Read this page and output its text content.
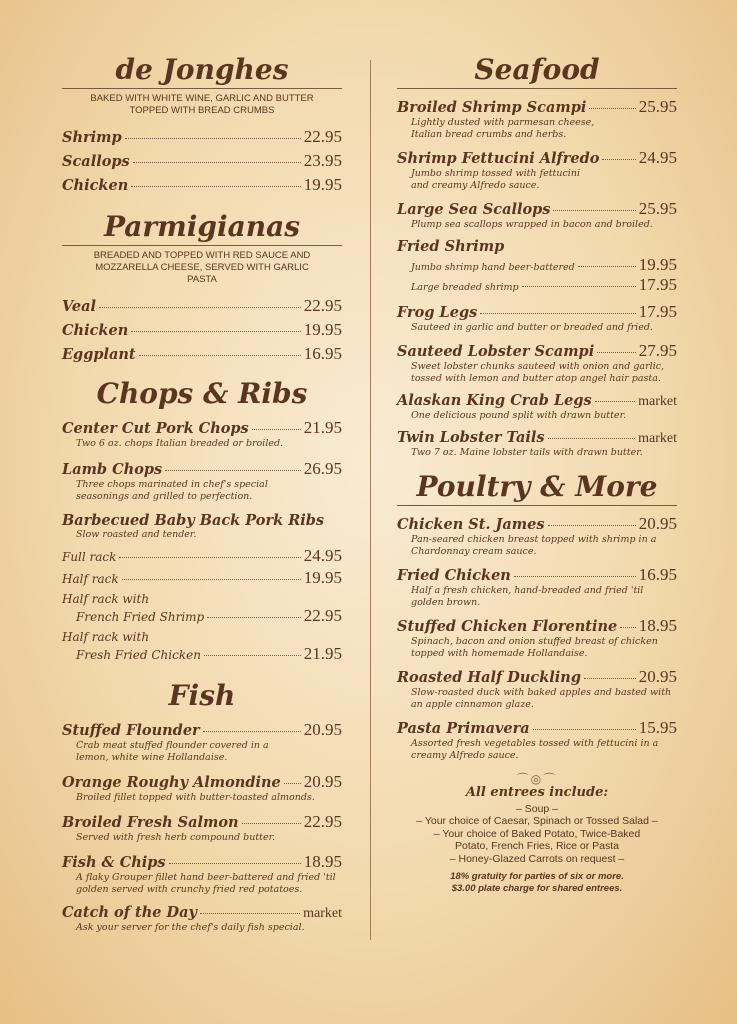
de Jonghes
BAKED WITH WHITE WINE, GARLIC AND BUTTER TOPPED WITH BREAD CRUMBS
Shrimp	22.95
Scallops	23.95
Chicken	19.95
Parmigianas
BREADED AND TOPPED WITH RED SAUCE AND MOZZARELLA CHEESE, SERVED WITH GARLIC PASTA
Veal	22.95
Chicken	19.95
Eggplant	16.95
Chops & Ribs
Center Cut Pork Chops	21.95
Two 6 oz. chops Italian breaded or broiled.
Lamb Chops	26.95
Three chops marinated in chef's special seasonings and grilled to perfection.
Barbecued Baby Back Pork Ribs
Slow roasted and tender.
Full rack	24.95
Half rack	19.95
Half rack with
French Fried Shrimp	22.95
Half rack with
Fresh Fried Chicken	21.95
Fish
Stuffed Flounder	20.95
Crab meat stuffed flounder covered in a lemon, white wine Hollandaise.
Orange Roughy Almondine 20.95
Broiled fillet topped with butter-toasted almonds.
Broiled Fresh Salmon	22.95
Served with fresh herb compound butter.
Fish & Chips	18.95
A flaky Grouper fillet hand beer-battered and fried 'til golden served with crunchy fried red potatoes.
Catch of the Day	market
Ask your server for the chef's daily fish special.
Seafood
Broiled Shrimp Scampi	25.95
Lightly dusted with parmesan cheese, Italian bread crumbs and herbs.
Shrimp Fettucini Alfredo 24.95
Jumbo shrimp tossed with fettucini and creamy Alfredo sauce.
Large Sea Scallops	25.95
Plump sea scallops wrapped in bacon and broiled.
Fried Shrimp
Jumbo shrimp hand beer-battered	19.95
Large breaded shrimp	17.95
Frog Legs	17.95
Sauteed in garlic and butter or breaded and fried.
Sauteed Lobster Scampi	27.95
Sweet lobster chunks sauteed with onion and garlic, tossed with lemon and butter atop angel hair pasta.
Alaskan King Crab Legs	market
One delicious pound split with drawn butter.
Twin Lobster Tails	market
Two 7 oz. Maine lobster tails with drawn butter.
Poultry & More
Chicken St. James	20.95
Pan-seared chicken breast topped with shrimp in a Chardonnay cream sauce.
Fried Chicken	16.95
Half a fresh chicken, hand-breaded and fried 'til golden brown.
Stuffed Chicken Florentine 18.95
Spinach, bacon and onion stuffed breast of chicken topped with homemade Hollandaise.
Roasted Half Duckling	20.95
Slow-roasted duck with baked apples and basted with an apple cinnamon glaze.
Pasta Primavera	15.95
Assorted fresh vegetables tossed with fettucini in a creamy Alfredo sauce.
⌒◎⌒
All entrees include:
– Soup –
– Your choice of Caesar, Spinach or Tossed Salad –
– Your choice of Baked Potato, Twice-Baked Potato, French Fries, Rice or Pasta
– Honey-Glazed Carrots on request –
18% gratuity for parties of six or more.
$3.00 plate charge for shared entrees.
